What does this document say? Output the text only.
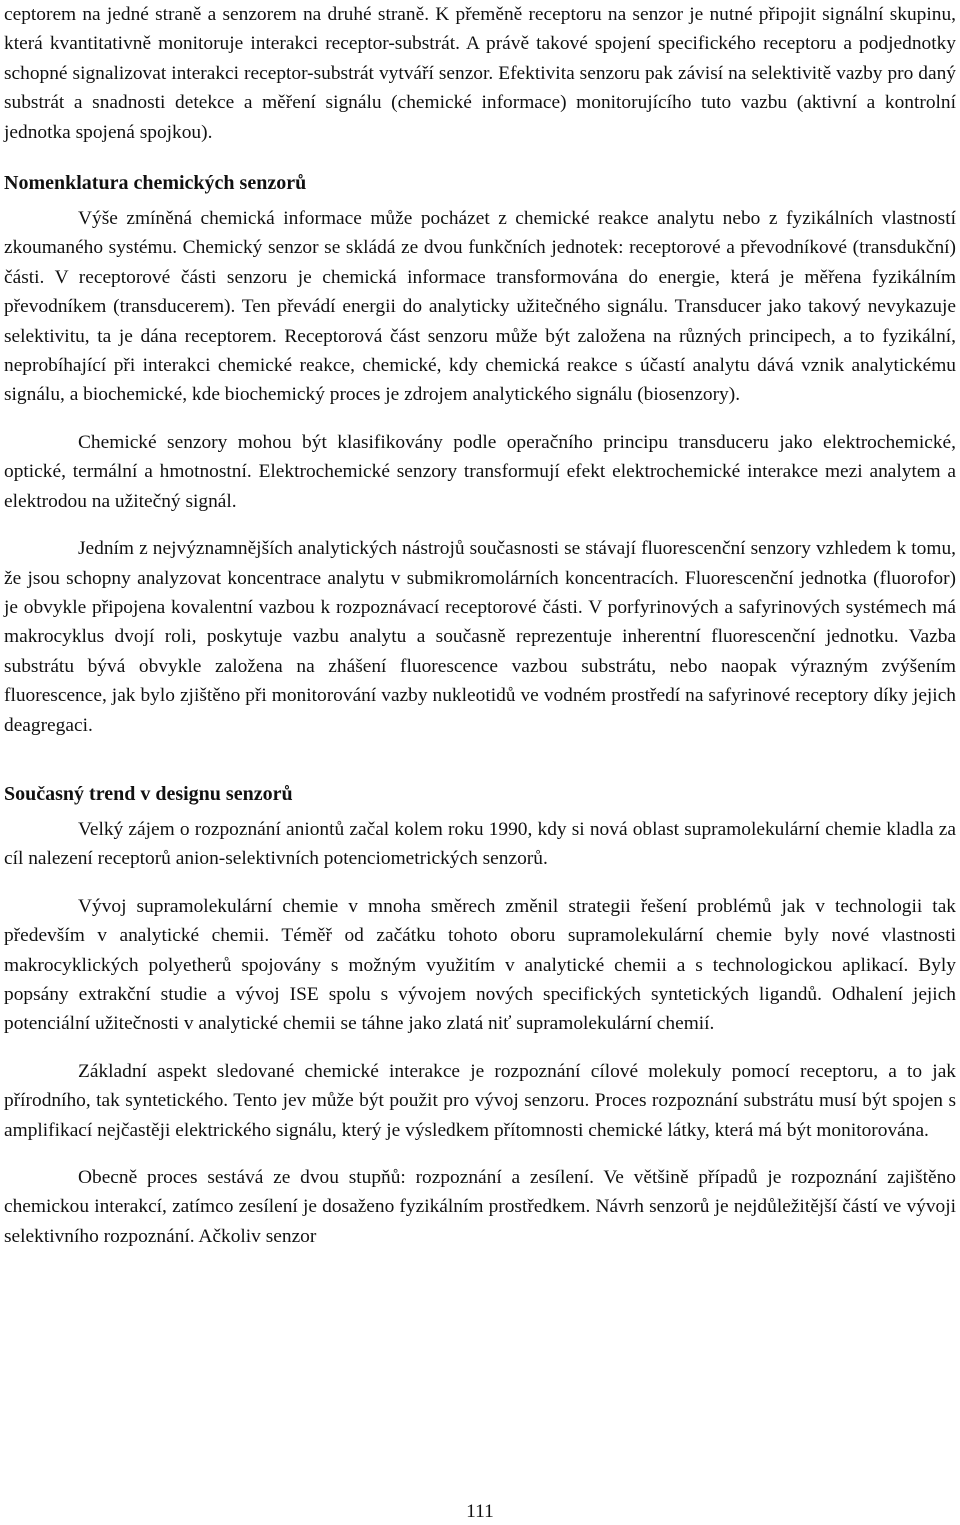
ceptorem na jedné straně a senzorem na druhé straně. K přeměně receptoru na senzor je nutné připojit signální skupinu, která kvantitativně monitoruje interakci receptor-substrát. A právě takové spojení specifického receptoru a podjednotky schopné signalizovat interakci receptor-substrát vytváří senzor. Efektivita senzoru pak závisí na selektivitě vazby pro daný substrát a snadnosti detekce a měření signálu (chemické informace) monitorujícího tuto vazbu (aktivní a kontrolní jednotka spojená spojkou).

Nomenklatura chemických senzorů

Výše zmíněná chemická informace může pocházet z chemické reakce analytu nebo z fyzikálních vlastností zkoumaného systému. Chemický senzor se skládá ze dvou funkčních jednotek: receptorové a převodníkové (transdukční) části. V receptorové části senzoru je chemická informace transformována do energie, která je měřena fyzikálním převodníkem (transducerem). Ten převádí energii do analyticky užitečného signálu. Transducer jako takový nevykazuje selektivitu, ta je dána receptorem. Receptorová část senzoru může být založena na různých principech, a to fyzikální, neprobíhající při interakci chemické reakce, chemické, kdy chemická reakce s účastí analytu dává vznik analytickému signálu, a biochemické, kde biochemický proces je zdrojem analytického signálu (biosenzory).

Chemické senzory mohou být klasifikovány podle operačního principu transduceru jako elektrochemické, optické, termální a hmotnostní. Elektrochemické senzory transformují efekt elektrochemické interakce mezi analytem a elektrodou na užitečný signál.

Jedním z nejvýznamnějších analytických nástrojů současnosti se stávají fluorescenční senzory vzhledem k tomu, že jsou schopny analyzovat koncentrace analytu v submikromolárních koncentracích. Fluorescenční jednotka (fluorofor) je obvykle připojena kovalentní vazbou k rozpoznávací receptorové části. V porfyrinových a safyrinových systémech má makrocyklus dvojí roli, poskytuje vazbu analytu a současně reprezentuje inherentní fluorescenční jednotku. Vazba substrátu bývá obvykle založena na zhášení fluorescence vazbou substrátu, nebo naopak výrazným zvýšením fluorescence, jak bylo zjištěno při monitorování vazby nukleotidů ve vodném prostředí na safyrinové receptory díky jejich deagregaci.

Současný trend v designu senzorů

Velký zájem o rozpoznání aniontů začal kolem roku 1990, kdy si nová oblast supramolekulární chemie kladla za cíl nalezení receptorů anion-selektivních potenciometrických senzorů.

Vývoj supramolekulární chemie v mnoha směrech změnil strategii řešení problémů jak v technologii tak především v analytické chemii. Téměř od začátku tohoto oboru supramolekulární chemie byly nové vlastnosti makrocyklických polyetherů spojovány s možným využitím v analytické chemii a s technologickou aplikací. Byly popsány extrakční studie a vývoj ISE spolu s vývojem nových specifických syntetických ligandů. Odhalení jejich potenciální užitečnosti v analytické chemii se táhne jako zlatá niť supramolekulární chemií.

Základní aspekt sledované chemické interakce je rozpoznání cílové molekuly pomocí receptoru, a to jak přírodního, tak syntetického. Tento jev může být použit pro vývoj senzoru. Proces rozpoznání substrátu musí být spojen s amplifikací nejčastěji elektrického signálu, který je výsledkem přítomnosti chemické látky, která má být monitorována.

Obecně proces sestává ze dvou stupňů: rozpoznání a zesílení. Ve většině případů je rozpoznání zajištěno chemickou interakcí, zatímco zesílení je dosaženo fyzikálním prostředkem. Návrh senzorů je nejdůležitější částí ve vývoji selektivního rozpoznání. Ačkoliv senzor

111
